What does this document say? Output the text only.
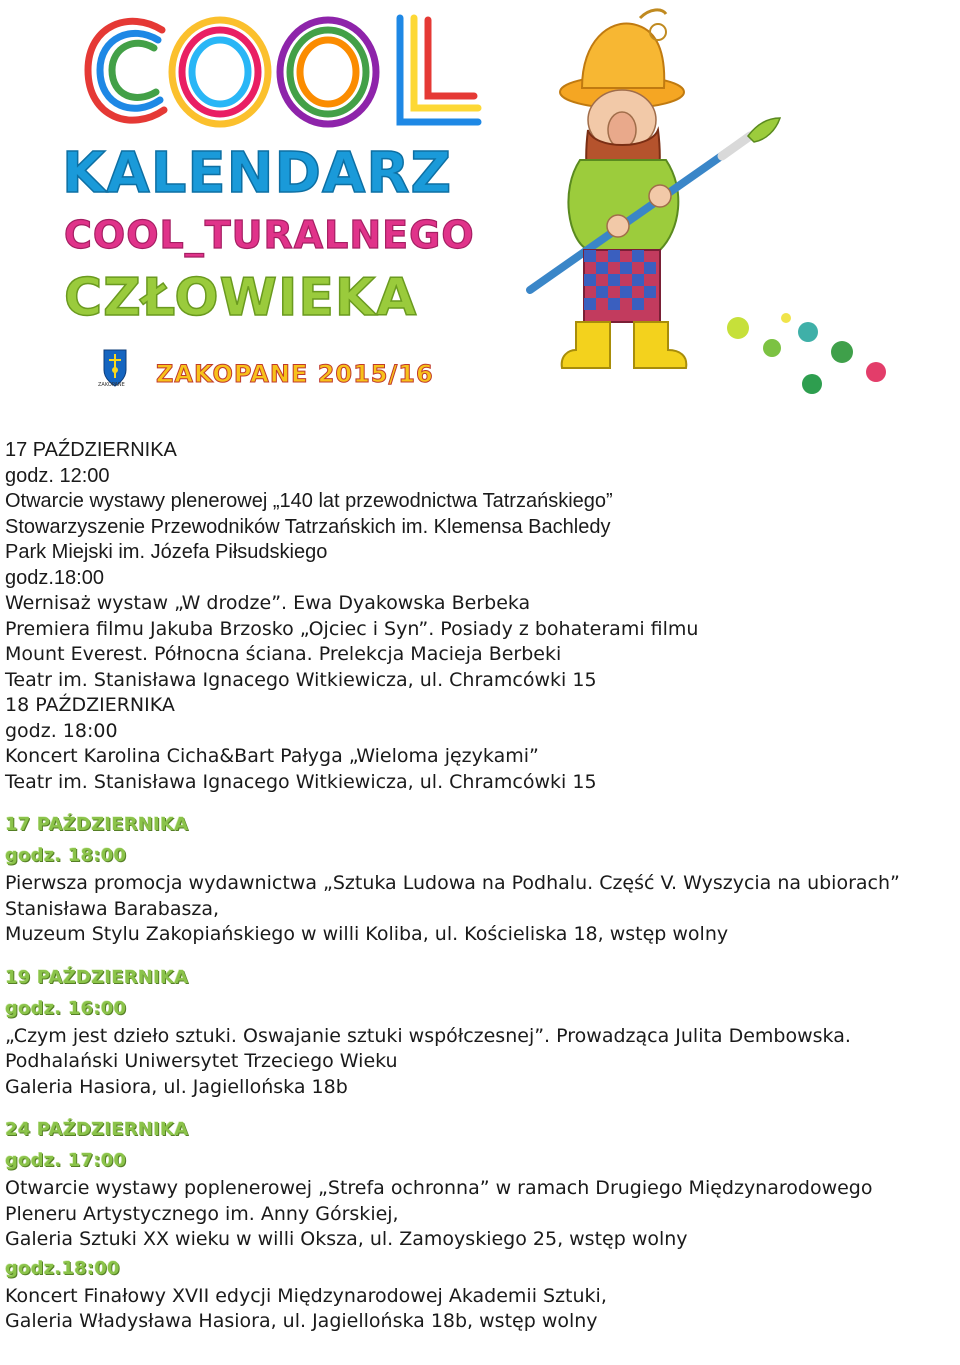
KALENDARZ
COOL_TURALNEGO
CZŁOWIEKA
ZAKOPANE ZAKOPANE 2015/16
17 PAŹDZIERNIKA
godz. 12:00
Otwarcie wystawy plenerowej „140 lat przewodnictwa Tatrzańskiego”
Stowarzyszenie Przewodników Tatrzańskich im. Klemensa Bachledy
Park Miejski im. Józefa Piłsudskiego
godz.18:00
Wernisaż wystaw „W drodze”. Ewa Dyakowska Berbeka
Premiera filmu Jakuba Brzosko „Ojciec i Syn”. Posiady z bohaterami filmu
Mount Everest. Północna ściana. Prelekcja Macieja Berbeki
Teatr im. Stanisława Ignacego Witkiewicza, ul. Chramcówki 15
18 PAŹDZIERNIKA
godz. 18:00
Koncert Karolina Cicha&Bart Pałyga „Wieloma językami”
Teatr im. Stanisława Ignacego Witkiewicza, ul. Chramcówki 15
17 PAŹDZIERNIKA
godz. 18:00
Pierwsza promocja wydawnictwa „Sztuka Ludowa na Podhalu. Część V. Wyszycia na ubiorach”
Stanisława Barabasza,
Muzeum Stylu Zakopiańskiego w willi Koliba, ul. Kościeliska 18, wstęp wolny
19 PAŹDZIERNIKA
godz. 16:00
„Czym jest dzieło sztuki. Oswajanie sztuki współczesnej”. Prowadząca Julita Dembowska.
Podhalański Uniwersytet Trzeciego Wieku
Galeria Hasiora, ul. Jagiellońska 18b
24 PAŹDZIERNIKA
godz. 17:00
Otwarcie wystawy poplenerowej „Strefa ochronna” w ramach Drugiego Międzynarodowego
Pleneru Artystycznego im. Anny Górskiej,
Galeria Sztuki XX wieku w willi Oksza, ul. Zamoyskiego 25, wstęp wolny
godz.18:00
Koncert Finałowy XVII edycji Międzynarodowej Akademii Sztuki,
Galeria Władysława Hasiora, ul. Jagiellońska 18b, wstęp wolny
